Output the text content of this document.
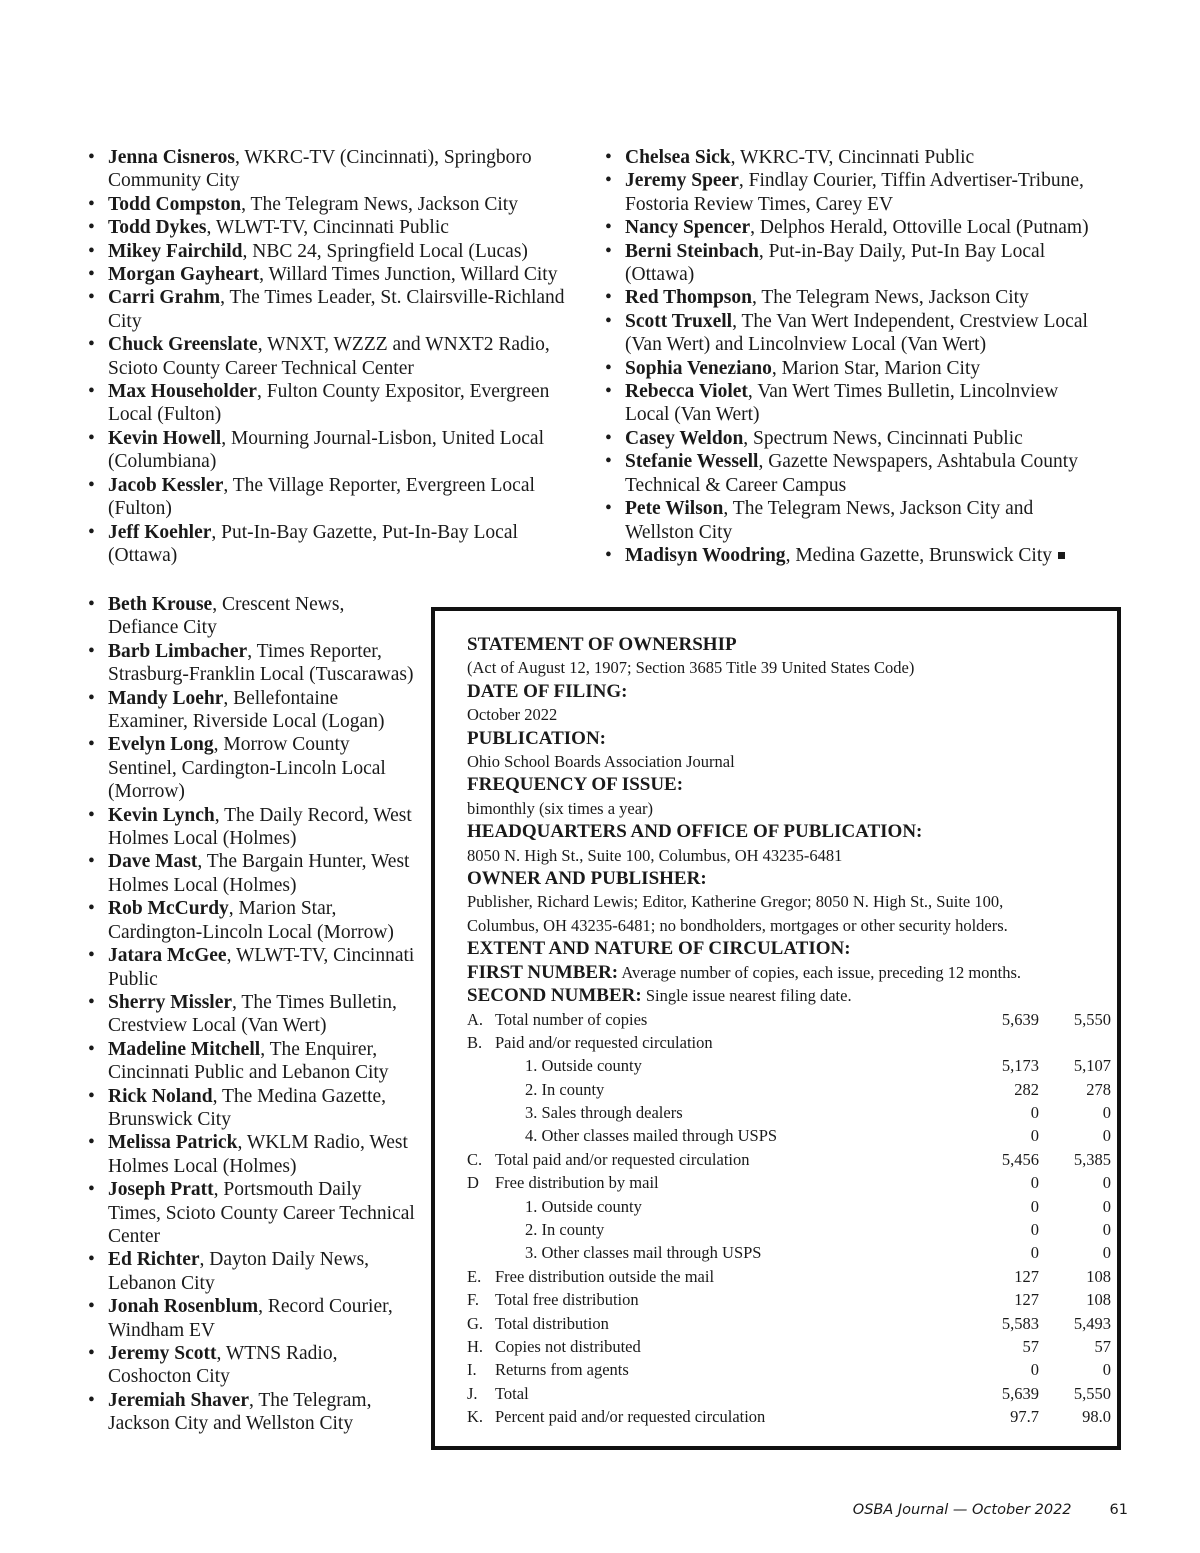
• Jenna Cisneros, WKRC-TV (Cincinnati), Springboro Community City
• Todd Compston, The Telegram News, Jackson City
• Todd Dykes, WLWT-TV, Cincinnati Public
• Mikey Fairchild, NBC 24, Springfield Local (Lucas)
• Morgan Gayheart, Willard Times Junction, Willard City
• Carri Grahm, The Times Leader, St. Clairsville-Richland City
• Chuck Greenslate, WNXT, WZZZ and WNXT2 Radio, Scioto County Career Technical Center
• Max Householder, Fulton County Expositor, Evergreen Local (Fulton)
• Kevin Howell, Mourning Journal-Lisbon, United Local (Columbiana)
• Jacob Kessler, The Village Reporter, Evergreen Local (Fulton)
• Jeff Koehler, Put-In-Bay Gazette, Put-In-Bay Local (Ottawa)
• Beth Krouse, Crescent News, Defiance City
• Barb Limbacher, Times Reporter, Strasburg-Franklin Local (Tuscarawas)
• Mandy Loehr, Bellefontaine Examiner, Riverside Local (Logan)
• Evelyn Long, Morrow County Sentinel, Cardington-Lincoln Local (Morrow)
• Kevin Lynch, The Daily Record, West Holmes Local (Holmes)
• Dave Mast, The Bargain Hunter, West Holmes Local (Holmes)
• Rob McCurdy, Marion Star, Cardington-Lincoln Local (Morrow)
• Jatara McGee, WLWT-TV, Cincinnati Public
• Sherry Missler, The Times Bulletin, Crestview Local (Van Wert)
• Madeline Mitchell, The Enquirer, Cincinnati Public and Lebanon City
• Rick Noland, The Medina Gazette, Brunswick City
• Melissa Patrick, WKLM Radio, West Holmes Local (Holmes)
• Joseph Pratt, Portsmouth Daily Times, Scioto County Career Technical Center
• Ed Richter, Dayton Daily News, Lebanon City
• Jonah Rosenblum, Record Courier, Windham EV
• Jeremy Scott, WTNS Radio, Coshocton City
• Jeremiah Shaver, The Telegram, Jackson City and Wellston City
• Chelsea Sick, WKRC-TV, Cincinnati Public
• Jeremy Speer, Findlay Courier, Tiffin Advertiser-Tribune, Fostoria Review Times, Carey EV
• Nancy Spencer, Delphos Herald, Ottoville Local (Putnam)
• Berni Steinbach, Put-in-Bay Daily, Put-In Bay Local (Ottawa)
• Red Thompson, The Telegram News, Jackson City
• Scott Truxell, The Van Wert Independent, Crestview Local (Van Wert) and Lincolnview Local (Van Wert)
• Sophia Veneziano, Marion Star, Marion City
• Rebecca Violet, Van Wert Times Bulletin, Lincolnview Local (Van Wert)
• Casey Weldon, Spectrum News, Cincinnati Public
• Stefanie Wessell, Gazette Newspapers, Ashtabula County Technical & Career Campus
• Pete Wilson, The Telegram News, Jackson City and Wellston City
• Madisyn Woodring, Medina Gazette, Brunswick City
STATEMENT OF OWNERSHIP
(Act of August 12, 1907; Section 3685 Title 39 United States Code)
DATE OF FILING:
October 2022
PUBLICATION:
Ohio School Boards Association Journal
FREQUENCY OF ISSUE:
bimonthly (six times a year)
HEADQUARTERS AND OFFICE OF PUBLICATION:
8050 N. High St., Suite 100, Columbus, OH 43235-6481
OWNER AND PUBLISHER:
Publisher, Richard Lewis; Editor, Katherine Gregor; 8050 N. High St., Suite 100,
Columbus, OH 43235-6481; no bondholders, mortgages or other security holders.
EXTENT AND NATURE OF CIRCULATION:
FIRST NUMBER: Average number of copies, each issue, preceding 12 months.
SECOND NUMBER: Single issue nearest filing date.
A. Total number of copies	5,639	5,550
B. Paid and/or requested circulation
1. Outside county	5,173	5,107
2. In county	282	278
3. Sales through dealers	0	0
4. Other classes mailed through USPS	0	0
C. Total paid and/or requested circulation	5,456	5,385
D Free distribution by mail	0	0
1. Outside county	0	0
2. In county	0	0
3. Other classes mail through USPS	0	0
E. Free distribution outside the mail	127	108
F. Total free distribution	127	108
G. Total distribution	5,583	5,493
H. Copies not distributed	57	57
I.	Returns from agents	0	0
J.	Total	5,639	5,550
K. Percent paid and/or requested circulation	97.7	98.0
OSBA Journal — October 2022	61
